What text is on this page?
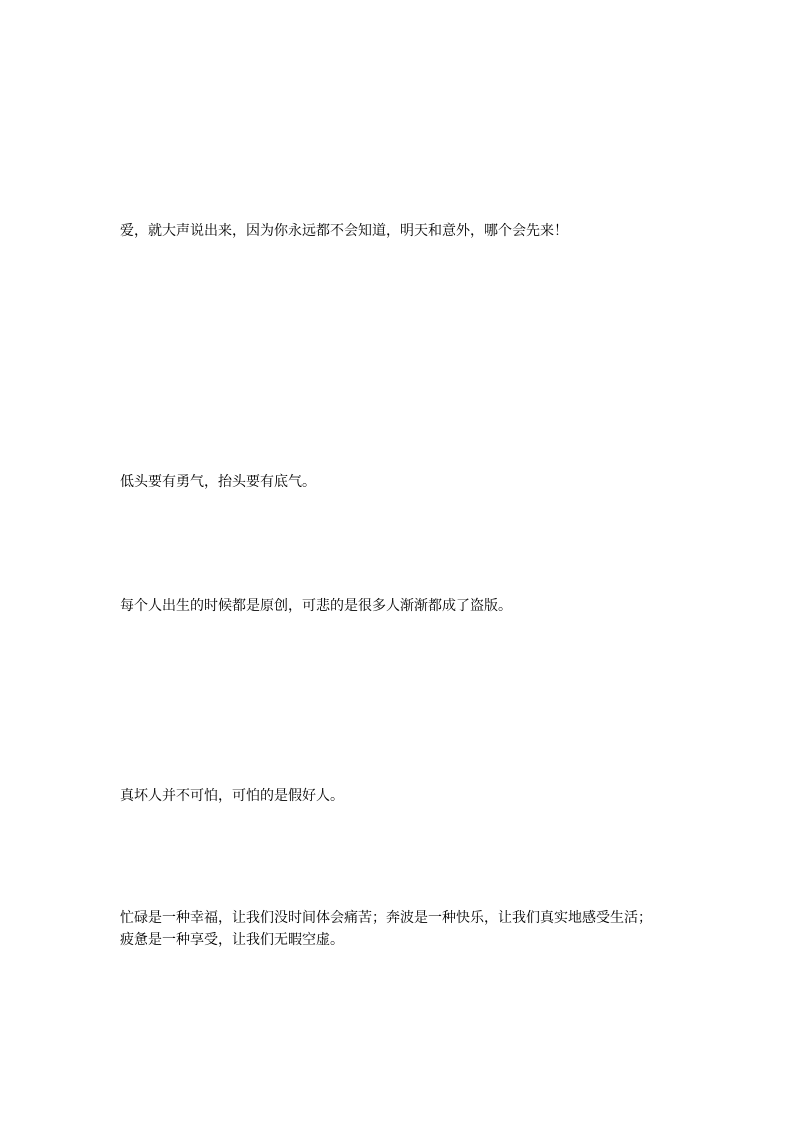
爱，就大声说出来，因为你永远都不会知道，明天和意外，哪个会先来！

低头要有勇气，抬头要有底气。

每个人出生的时候都是原创，可悲的是很多人渐渐都成了盗版。

真坏人并不可怕，可怕的是假好人。

忙碌是一种幸福，让我们没时间体会痛苦；奔波是一种快乐，让我们真实地感受生活；
疲惫是一种享受，让我们无暇空虚。
